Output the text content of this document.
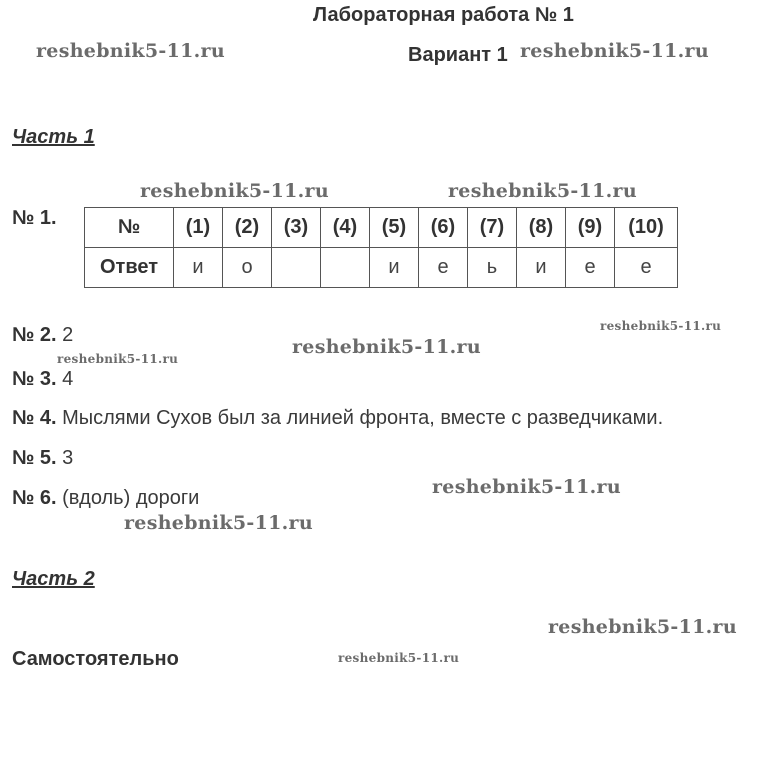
Лабораторная работа № 1
Вариант 1
Часть 1
№ 1.	№	(1)	(2)	(3)	(4)	(5)	(6)	(7)	(8)	(9)	(10)
Ответ	и	о			и	е	ь	и	е	е
№ 2. 2
№ 3. 4
№ 4. Мыслями Сухов был за линией фронта, вместе с разведчиками.
№ 5. 3
№ 6. (вдоль) дороги
Часть 2
Самостоятельно
reshebnik5-11.ru	reshebnik5-11.ru
reshebnik5-11.ru	reshebnik5-11.ru
reshebnik5-11.ru
reshebnik5-11.ru
reshebnik5-11.ru
reshebnik5-11.ru
reshebnik5-11.ru
reshebnik5-11.ru
reshebnik5-11.ru
